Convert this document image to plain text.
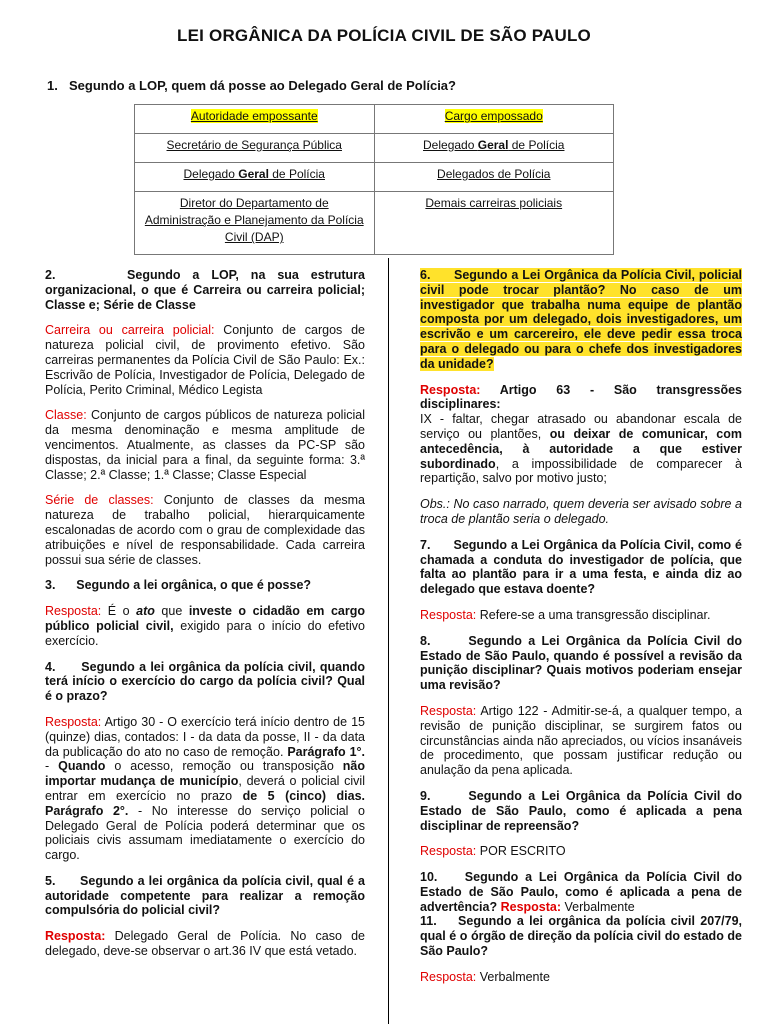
LEI ORGÂNICA DA POLÍCIA CIVIL DE SÃO PAULO
1. Segundo a LOP, quem dá posse ao Delegado Geral de Polícia?
Autoridade empossante	Cargo empossado
Secretário de Segurança Pública	Delegado Geral de Polícia
Delegado Geral de Polícia	Delegados de Polícia
Diretor do Departamento de Administração e Planejamento da Polícia Civil (DAP)	Demais carreiras policiais

2.      Segundo a LOP, na sua estrutura organizacional, o que é Carreira ou carreira policial; Classe e; Série de Classe

Carreira ou carreira policial: Conjunto de cargos de natureza policial civil, de provimento efetivo. São carreiras permanentes da Polícia Civil de São Paulo: Ex.: Escrivão de Polícia, Investigador de Polícia, Delegado de Polícia, Perito Criminal, Médico Legista

Classe: Conjunto de cargos públicos de natureza policial da mesma denominação e mesma amplitude de vencimentos. Atualmente, as classes da PC-SP são dispostas, da inicial para a final, da seguinte forma: 3.ª Classe; 2.ª Classe; 1.ª Classe; Classe Especial

Série de classes: Conjunto de classes da mesma natureza de trabalho policial, hierarquicamente escalonadas de acordo com o grau de complexidade das atribuições e nível de responsabilidade. Cada carreira possui sua série de classes.

3.      Segundo a lei orgânica, o que é posse?

Resposta: É o ato que investe o cidadão em cargo público policial civil, exigido para o início do efetivo exercício.

4.      Segundo a lei orgânica da polícia civil, quando terá início o exercício do cargo da polícia civil? Qual é o prazo?

Resposta: Artigo 30 - O exercício terá início dentro de 15 (quinze) dias, contados: I - da data da posse, II - da data da publicação do ato no caso de remoção. Parágrafo 1°. - Quando o acesso, remoção ou transposição não importar mudança de município, deverá o policial civil entrar em exercício no prazo de 5 (cinco) dias. Parágrafo 2°. - No interesse do serviço policial o Delegado Geral de Polícia poderá determinar que os policiais civis assumam imediatamente o exercício do cargo.

5.      Segundo a lei orgânica da polícia civil, qual é a autoridade competente para realizar a remoção compulsória do policial civil?

Resposta: Delegado Geral de Polícia. No caso de delegado, deve-se observar o art.36 IV que está vetado.

6.      Segundo a Lei Orgânica da Polícia Civil, policial civil pode trocar plantão? No caso de um investigador que trabalha numa equipe de plantão composta por um delegado, dois investigadores, um escrivão e um carcereiro, ele deve pedir essa troca para o delegado ou para o chefe dos investigadores da unidade?

Resposta: Artigo 63 - São transgressões disciplinares:
IX - faltar, chegar atrasado ou abandonar escala de serviço ou plantões, ou deixar de comunicar, com antecedência, à autoridade a que estiver subordinado, a impossibilidade de comparecer à repartição, salvo por motivo justo;

Obs.: No caso narrado, quem deveria ser avisado sobre a troca de plantão seria o delegado.

7.      Segundo a Lei Orgânica da Polícia Civil, como é chamada a conduta do investigador de polícia, que falta ao plantão para ir a uma festa, e ainda diz ao delegado que estava doente?

Resposta: Refere-se a uma transgressão disciplinar.

8.      Segundo a Lei Orgânica da Polícia Civil do Estado de São Paulo, quando é possível a revisão da punição disciplinar? Quais motivos poderiam ensejar uma revisão?

Resposta: Artigo 122 - Admitir-se-á, a qualquer tempo, a revisão de punição disciplinar, se surgirem fatos ou circunstâncias ainda não apreciados, ou vícios insanáveis de procedimento, que possam justificar redução ou anulação da pena aplicada.

9.      Segundo a Lei Orgânica da Polícia Civil do Estado de São Paulo, como é aplicada a pena disciplinar de repreensão?

Resposta: POR ESCRITO

10.    Segundo a Lei Orgânica da Polícia Civil do Estado de São Paulo, como é aplicada a pena de advertência? Resposta: Verbalmente

11.    Segundo a lei orgânica da polícia civil 207/79, qual é o órgão de direção da polícia civil do estado de São Paulo?

Resposta: Verbalmente
